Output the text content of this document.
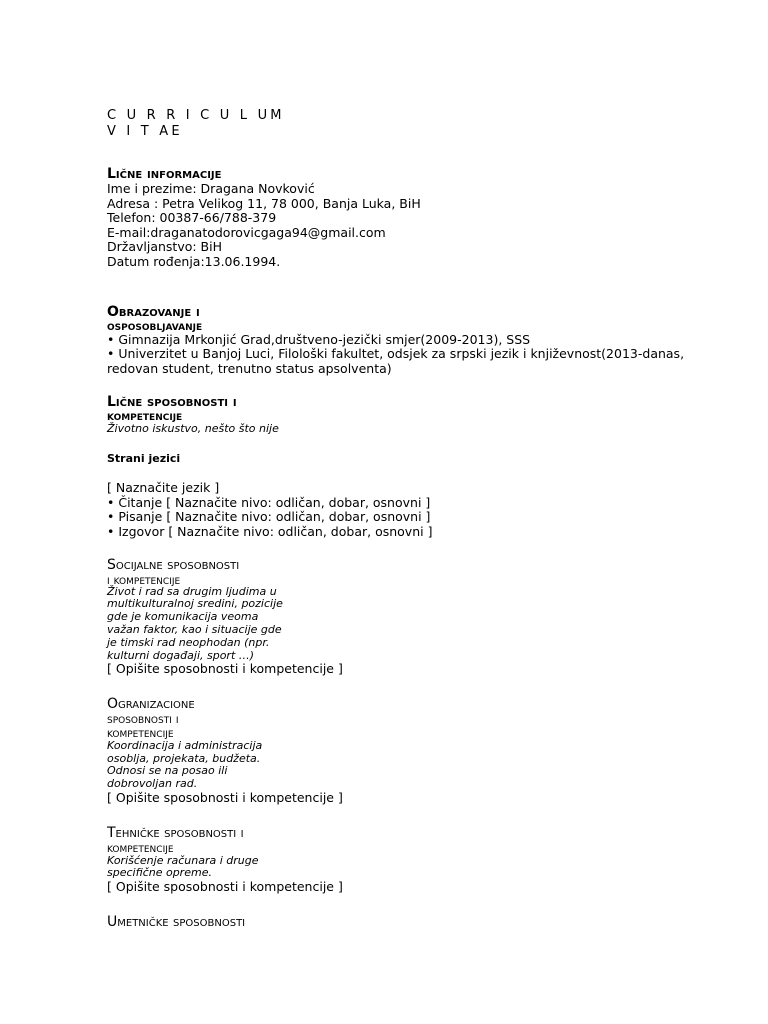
C U R R I C U L UM
V I T AE
Lične informacije
Ime i prezime: Dragana Novković
Adresa : Petra Velikog 11, 78 000, Banja Luka, BiH
Telefon: 00387-66/788-379
E-mail:draganatodorovicgaga94@gmail.com
Državljanstvo: BiH
Datum rođenja:13.06.1994.
Obrazovanje i
osposobljavanje
• Gimnazija Mrkonjić Grad,društveno-jezički smjer(2009-2013), SSS
• Univerzitet u Banjoj Luci, Filološki fakultet, odsjek za srpski jezik i književnost(2013-danas,
redovan student, trenutno status apsolventa)
Lične sposobnosti i
kompetencije
Životno iskustvo, nešto što nije
Strani jezici
[ Naznačite jezik ]
• Čitanje [ Naznačite nivo: odličan, dobar, osnovni ]
• Pisanje [ Naznačite nivo: odličan, dobar, osnovni ]
• Izgovor [ Naznačite nivo: odličan, dobar, osnovni ]
Socijalne sposobnosti
i kompetencije
Život i rad sa drugim ljudima u
multikulturalnoj sredini, pozicije
gde je komunikacija veoma
važan faktor, kao i situacije gde
je timski rad neophodan (npr.
kulturni događaji, sport …)
[ Opišite sposobnosti i kompetencije ]
Ogranizacione
sposobnosti i
kompetencije
Koordinacija i administracija
osoblja, projekata, budžeta.
Odnosi se na posao ili
dobrovoljan rad.
[ Opišite sposobnosti i kompetencije ]
Tehničke sposobnosti i
kompetencije
Korišćenje računara i druge
specifične opreme.
[ Opišite sposobnosti i kompetencije ]
Umetničke sposobnosti
